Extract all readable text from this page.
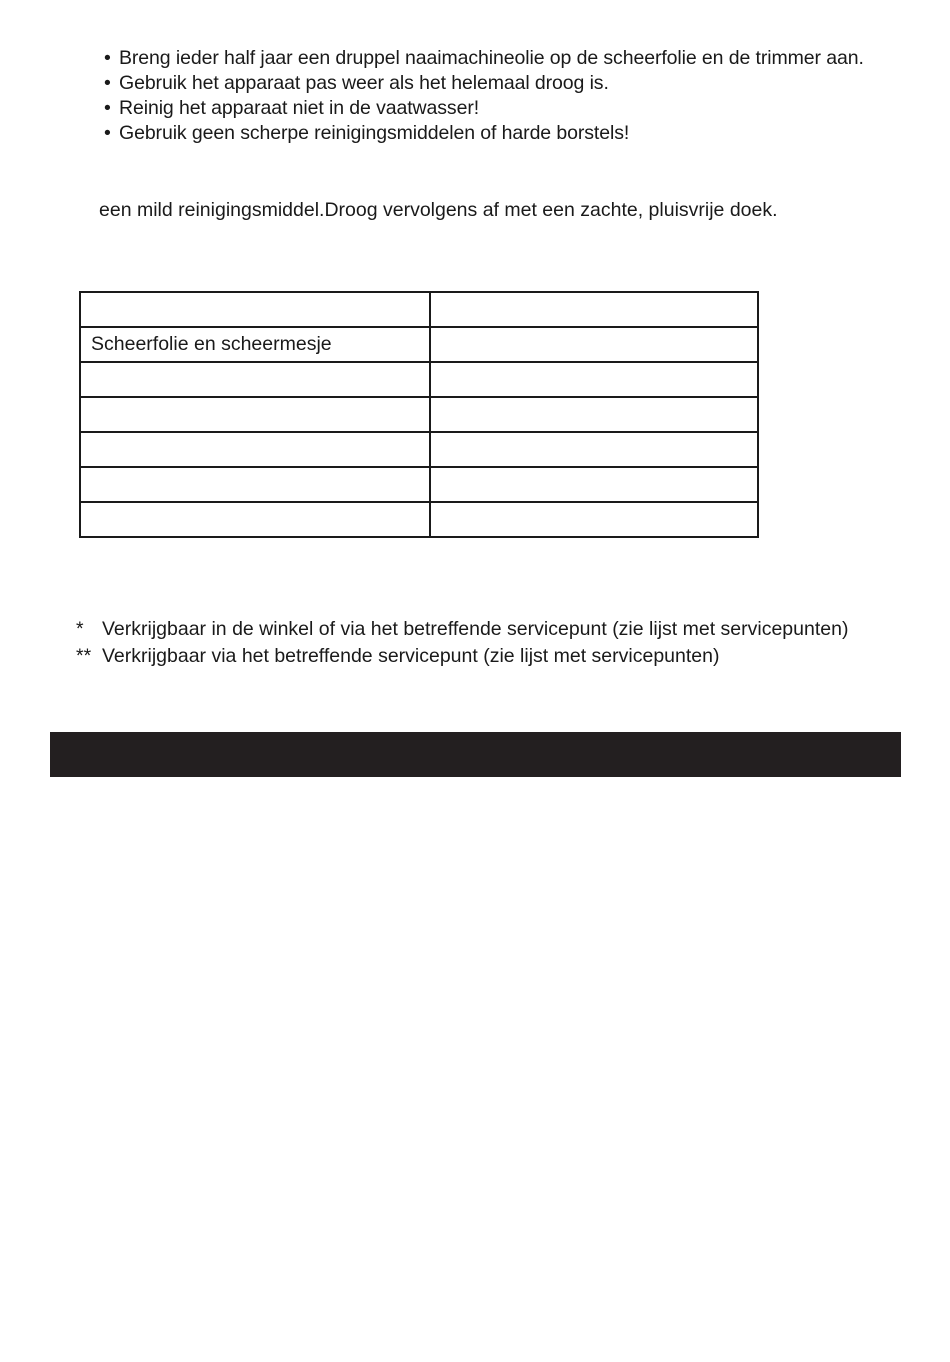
• Breng ieder half jaar een druppel naaimachineolie op de scheerfolie en de trimmer aan.
• Gebruik het apparaat pas weer als het helemaal droog is.
• Reinig het apparaat niet in de vaatwasser!
• Gebruik geen scherpe reinigingsmiddelen of harde borstels!

een mild reinigingsmiddel.Droog vervolgens af met een zachte, pluisvrije doek.

Scheerfolie en scheermesje	

* Verkrijgbaar in de winkel of via het betreffende servicepunt (zie lijst met servicepunten)
** Verkrijgbaar via het betreffende servicepunt (zie lijst met servicepunten)
